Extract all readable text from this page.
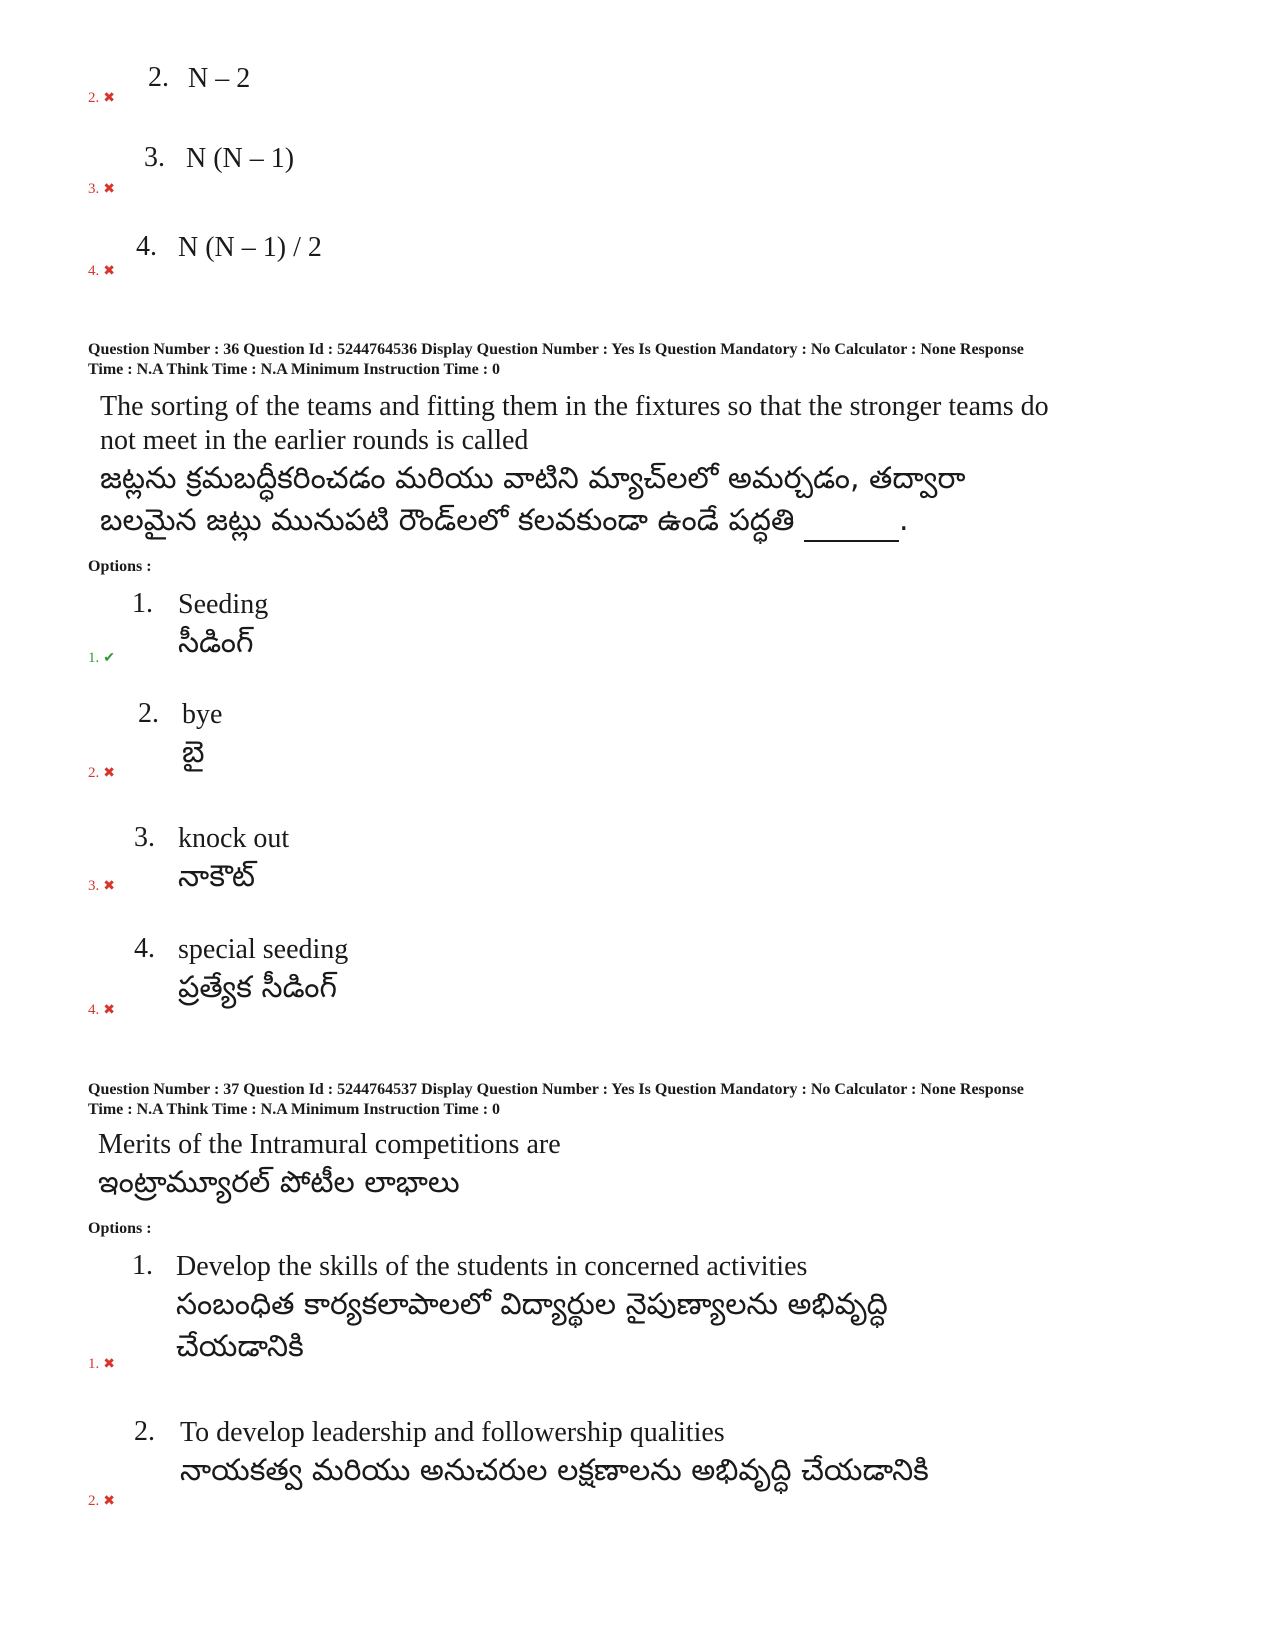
2. N – 2
2. ✖
3. N (N – 1)
3. ✖
4. N (N – 1) / 2
4. ✖
Question Number : 36 Question Id : 5244764536 Display Question Number : Yes Is Question Mandatory : No Calculator : None Response
Time : N.A Think Time : N.A Minimum Instruction Time : 0
The sorting of the teams and fitting them in the fixtures so that the stronger teams do
not meet in the earlier rounds is called
జట్లను క్రమబద్ధీకరించడం మరియు వాటిని మ్యాచ్‌లలో అమర్చడం, తద్వారా
బలమైన జట్లు మునుపటి రౌండ్‌లలో కలవకుండా ఉండే పద్ధతి	.
Options :
1. Seeding
సీడింగ్
1. ✔
2. bye
బై
2. ✖
3. knock out
నాకౌట్
3. ✖
4. special seeding
ప్రత్యేక సీడింగ్
4. ✖
Question Number : 37 Question Id : 5244764537 Display Question Number : Yes Is Question Mandatory : No Calculator : None Response
Time : N.A Think Time : N.A Minimum Instruction Time : 0
Merits of the Intramural competitions are
ఇంట్రామ్యూరల్ పోటీల లాభాలు
Options :
1. Develop the skills of the students in concerned activities
సంబంధిత కార్యకలాపాలలో విద్యార్థుల నైపుణ్యాలను అభివృద్ధి
చేయడానికి
1. ✖
2. To develop leadership and followership qualities
నాయకత్వ మరియు అనుచరుల లక్షణాలను అభివృద్ధి చేయడానికి
2. ✖
